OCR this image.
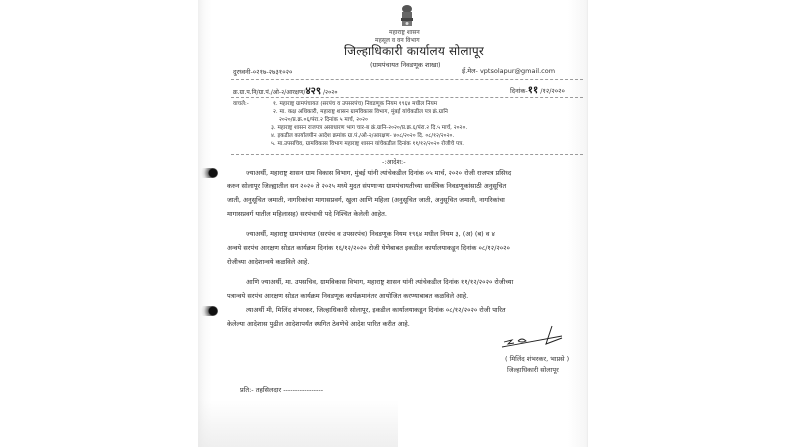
महाराष्ट्र शासन
महसूल व वन विभाग
जिल्हाधिकारी कार्यालय सोलापूर
(ग्रामपंचायत निवडणूक शाखा)
दुरध्वनी-०२१७-२७३१०२०	ई.मेल- vptsolapur@gmail.com
क्र.ग्रा.प.नि/ग्रा.पं./ओ-२/आरक्षण/४२९ /२०२०	दिनांक-११ /१२/२०२०
वाचले:-	१. महाराष्ट्र ग्रामपंचायत (सरपंच व उपसरपंच) निवडणूक नियम १९६४ मधील नियम
२. मा. कक्ष अधिकारी, महाराष्ट्र शासन ग्रामविकास विभाग, मुंबई यांचेकडील पत्र क्रं.ग्रानि
२०२०/प्र.क्र.०६/पंरा.२ दिनांक ५ मार्च, २०२०
३. महाराष्ट्र शासन राजपत्र असाधारण भाग चार-ब क्रं.ग्रानि-२०२०/प्र.क्र.६/पंरा.२ दि.५ मार्च, २०२०.
४. इकडील कार्यालयीन आदेश क्रमांक ग्रा.पं./ओ-२/आरक्षण- ४०८/२०२० दि. ०८/१२/२०२०.
५. मा.उपसचिव, ग्रामविकास विभाग महाराष्ट्र शासन यांचेकडील दिनांक ११/१२/२०२० रोजीचे पत्र.
-:आदेश:-
ज्याअर्थी, महाराष्ट्र शासन ग्राम विकास विभाग, मुंबई यांनी त्यांचेकडील दिनांक ०५ मार्च, २०२० रोजी राजपत्र प्रसिध्द
करुन सोलापूर जिल्ह्यातील सन २०२० ते २०२५ मध्ये मुदत संपणाऱ्या ग्रामपंचायतीच्या सार्वत्रिक निवडणूकांसाठी अनुसूचित
जाती, अनुसूचित जमाती, नागरिकांचा मागासप्रवर्ग, खुला आणि महिला (अनुसूचित जाती, अनुसूचित जमाती, नागरिकांचा
मागासप्रवर्ग यातील महिलासह) सरपंचाची पदे निश्चित केलेली आहेत.
ज्याअर्थी, महाराष्ट्र ग्रामपंचायत (सरपंच व उपसरपंच) निवडणूक नियम १९६४ मधील नियम ३, (अ) (ब) व ४
अन्वये सरपंच आरक्षण सोडत कार्यक्रम दिनांक १६/१२/२०२० रोजी घेणेबाबत इकडील कार्यालयाकडून दिनांक ०८/१२/२०२०
रोजीच्या आदेशान्वये कळविले आहे.
आणि ज्याअर्थी, मा. उपसचिव, ग्रामविकास विभाग, महाराष्ट्र शासन यांनी त्यांचेकडील दिनांक ११/१२/२०२० रोजीच्या
पत्रान्वये सरपंच आरक्षण सोडत कार्यक्रम निवडणूक कार्यक्रमानंतर आयोजित करण्याबाबत कळविले आहे.
त्याअर्थी मी, मिलिंद शंभरकर, जिल्हाधिकारी सोलापूर, इकडील कार्यालयाकडून दिनांक ०८/१२/२०२० रोजी पारित
केलेल्या आदेशास पुढील आदेशापर्यंत स्थगित ठेवणेचे आदेश पारित करीत आहे.
( मिलिंद शंभरकर, भाप्रसे )
जिल्हाधिकारी सोलापूर
प्रति:- तहसिलदार -----------------
